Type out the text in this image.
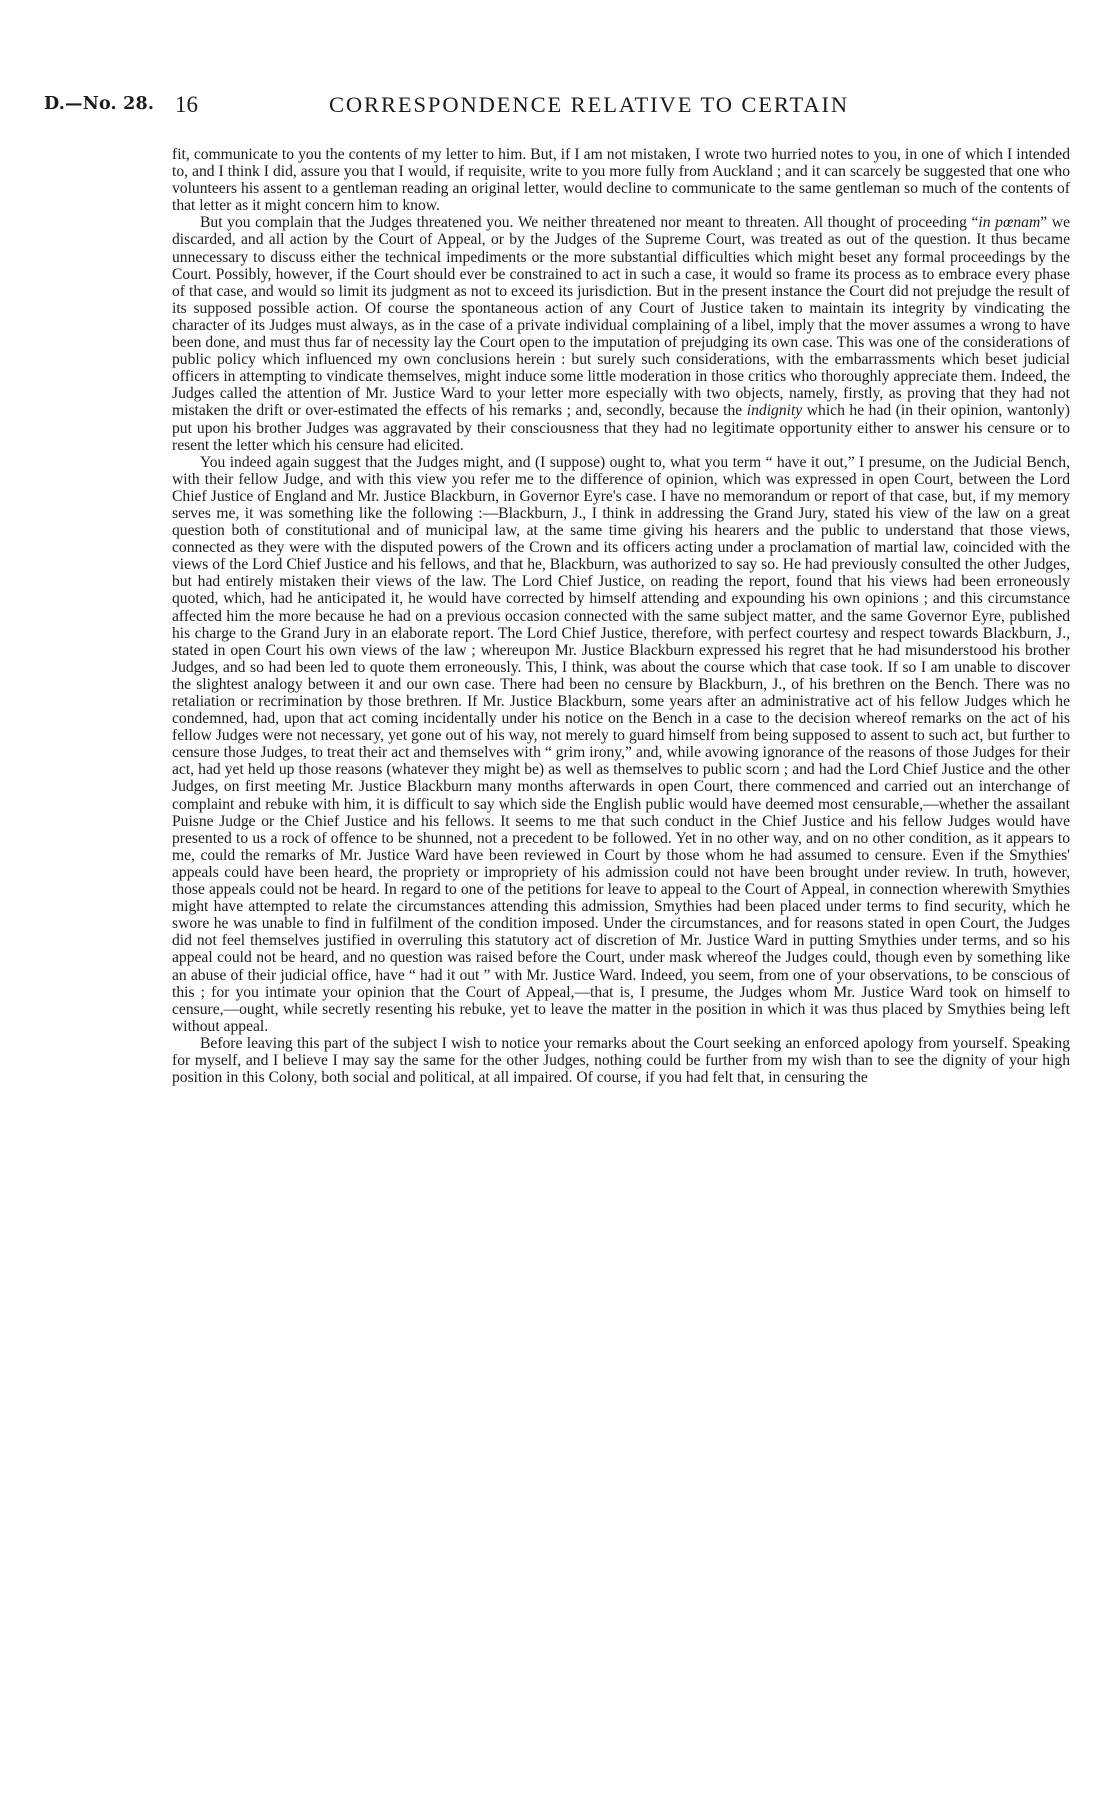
D.—No. 28. 16	CORRESPONDENCE RELATIVE TO CERTAIN

fit, communicate to you the contents of my letter to him. But, if I am not mistaken, I wrote two hurried notes to you, in one of which I intended to, and I think I did, assure you that I would, if requisite, write to you more fully from Auckland ; and it can scarcely be suggested that one who volunteers his assent to a gentleman reading an original letter, would decline to communicate to the same gentleman so much of the contents of that letter as it might concern him to know.

But you complain that the Judges threatened you. We neither threatened nor meant to threaten. All thought of proceeding “in pœnam” we discarded, and all action by the Court of Appeal, or by the Judges of the Supreme Court, was treated as out of the question. It thus became unnecessary to discuss either the technical impediments or the more substantial difficulties which might beset any formal proceedings by the Court. Possibly, however, if the Court should ever be constrained to act in such a case, it would so frame its process as to embrace every phase of that case, and would so limit its judgment as not to exceed its jurisdiction. But in the present instance the Court did not prejudge the result of its supposed possible action. Of course the spontaneous action of any Court of Justice taken to maintain its integrity by vindicating the character of its Judges must always, as in the case of a private individual complaining of a libel, imply that the mover assumes a wrong to have been done, and must thus far of necessity lay the Court open to the imputation of prejudging its own case. This was one of the considerations of public policy which influenced my own conclusions herein : but surely such considerations, with the embarrassments which beset judicial officers in attempting to vindicate themselves, might induce some little moderation in those critics who thoroughly appreciate them. Indeed, the Judges called the attention of Mr. Justice Ward to your letter more especially with two objects, namely, firstly, as proving that they had not mistaken the drift or over-estimated the effects of his remarks ; and, secondly, because the indignity which he had (in their opinion, wantonly) put upon his brother Judges was aggravated by their consciousness that they had no legitimate opportunity either to answer his censure or to resent the letter which his censure had elicited.

You indeed again suggest that the Judges might, and (I suppose) ought to, what you term “ have it out,” I presume, on the Judicial Bench, with their fellow Judge, and with this view you refer me to the difference of opinion, which was expressed in open Court, between the Lord Chief Justice of England and Mr. Justice Blackburn, in Governor Eyre's case. I have no memorandum or report of that case, but, if my memory serves me, it was something like the following :—Blackburn, J., I think in addressing the Grand Jury, stated his view of the law on a great question both of constitutional and of municipal law, at the same time giving his hearers and the public to understand that those views, connected as they were with the disputed powers of the Crown and its officers acting under a proclamation of martial law, coincided with the views of the Lord Chief Justice and his fellows, and that he, Blackburn, was authorized to say so. He had previously consulted the other Judges, but had entirely mistaken their views of the law. The Lord Chief Justice, on reading the report, found that his views had been erroneously quoted, which, had he anticipated it, he would have corrected by himself attending and expounding his own opinions ; and this circumstance affected him the more because he had on a previous occasion connected with the same subject matter, and the same Governor Eyre, published his charge to the Grand Jury in an elaborate report. The Lord Chief Justice, therefore, with perfect courtesy and respect towards Blackburn, J., stated in open Court his own views of the law ; whereupon Mr. Justice Blackburn expressed his regret that he had misunderstood his brother Judges, and so had been led to quote them erroneously. This, I think, was about the course which that case took. If so I am unable to discover the slightest analogy between it and our own case. There had been no censure by Blackburn, J., of his brethren on the Bench. There was no retaliation or recrimination by those brethren. If Mr. Justice Blackburn, some years after an administrative act of his fellow Judges which he condemned, had, upon that act coming incidentally under his notice on the Bench in a case to the decision whereof remarks on the act of his fellow Judges were not necessary, yet gone out of his way, not merely to guard himself from being supposed to assent to such act, but further to censure those Judges, to treat their act and themselves with “ grim irony,” and, while avowing ignorance of the reasons of those Judges for their act, had yet held up those reasons (whatever they might be) as well as themselves to public scorn ; and had the Lord Chief Justice and the other Judges, on first meeting Mr. Justice Blackburn many months afterwards in open Court, there commenced and carried out an interchange of complaint and rebuke with him, it is difficult to say which side the English public would have deemed most censurable,—whether the assailant Puisne Judge or the Chief Justice and his fellows. It seems to me that such conduct in the Chief Justice and his fellow Judges would have presented to us a rock of offence to be shunned, not a precedent to be followed. Yet in no other way, and on no other condition, as it appears to me, could the remarks of Mr. Justice Ward have been reviewed in Court by those whom he had assumed to censure. Even if the Smythies' appeals could have been heard, the propriety or impropriety of his admission could not have been brought under review. In truth, however, those appeals could not be heard. In regard to one of the petitions for leave to appeal to the Court of Appeal, in connection wherewith Smythies might have attempted to relate the circumstances attending this admission, Smythies had been placed under terms to find security, which he swore he was unable to find in fulfilment of the condition imposed. Under the circumstances, and for reasons stated in open Court, the Judges did not feel themselves justified in overruling this statutory act of discretion of Mr. Justice Ward in putting Smythies under terms, and so his appeal could not be heard, and no question was raised before the Court, under mask whereof the Judges could, though even by something like an abuse of their judicial office, have “ had it out ” with Mr. Justice Ward. Indeed, you seem, from one of your observations, to be conscious of this ; for you intimate your opinion that the Court of Appeal,—that is, I presume, the Judges whom Mr. Justice Ward took on himself to censure,—ought, while secretly resenting his rebuke, yet to leave the matter in the position in which it was thus placed by Smythies being left without appeal.

Before leaving this part of the subject I wish to notice your remarks about the Court seeking an enforced apology from yourself. Speaking for myself, and I believe I may say the same for the other Judges, nothing could be further from my wish than to see the dignity of your high position in this Colony, both social and political, at all impaired. Of course, if you had felt that, in censuring the
